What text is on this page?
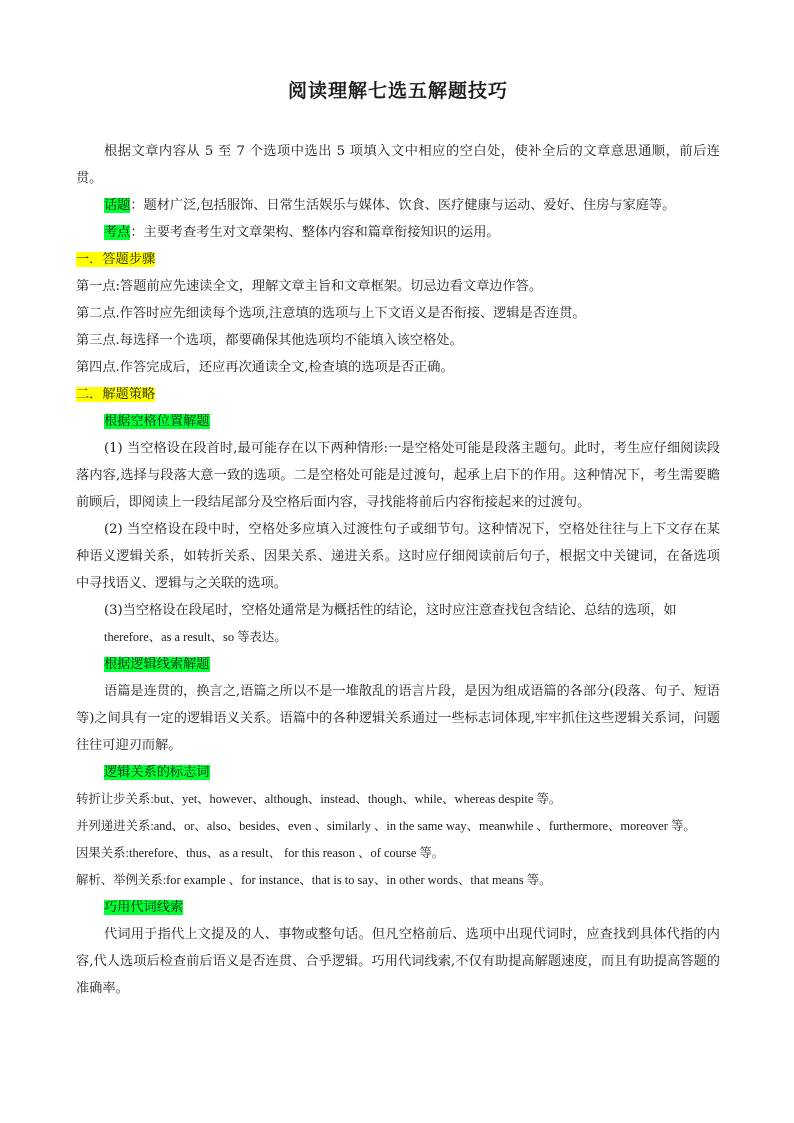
阅读理解七选五解题技巧

根据文章内容从 5 至 7 个选项中选出 5 项填入文中相应的空白处，使补全后的文章意思通顺，前后连贯。

话题：题材广泛,包括服饰、日常生活娱乐与媒体、饮食、医疗健康与运动、爱好、住房与家庭等。

考点：主要考查考生对文章架构、整体内容和篇章衔接知识的运用。

一．答题步骤

第一点:答题前应先速读全文，理解文章主旨和文章框架。切忌边看文章边作答。

第二点.作答时应先细读每个选项,注意填的选项与上下文语义是否衔接、逻辑是否连贯。

第三点.每选择一个选项，都要确保其他选项均不能填入该空格处。

第四点.作答完成后，还应再次通读全文,检查填的选项是否正确。

二．解题策略

根据空格位置解题

(1) 当空格设在段首时,最可能存在以下两种情形:一是空格处可能是段落主题句。此时，考生应仔细阅读段落内容,选择与段落大意一致的选项。二是空格处可能是过渡句，起承上启下的作用。这种情况下，考生需要瞻前顾后，即阅读上一段结尾部分及空格后面内容，寻找能将前后内容衔接起来的过渡句。

(2) 当空格设在段中时，空格处多应填入过渡性句子或细节句。这种情况下，空格处往往与上下文存在某种语义逻辑关系，如转折关系、因果关系、递进关系。这时应仔细阅读前后句子，根据文中关键词，在备选项中寻找语义、逻辑与之关联的选项。

(3)当空格设在段尾时，空格处通常是为概括性的结论，这时应注意查找包含结论、总结的选项，如

therefore、as a result、so 等表达。

根据逻辑线索解题

语篇是连贯的，换言之,语篇之所以不是一堆散乱的语言片段，是因为组成语篇的各部分(段落、句子、短语等)之间具有一定的逻辑语义关系。语篇中的各种逻辑关系通过一些标志词体现,牢牢抓住这些逻辑关系词，问题往往可迎刃而解。

逻辑关系的标志词

转折让步关系:but、yet、however、although、instead、though、while、whereas despite 等。

并列递进关系:and、or、also、besides、even 、similarly 、in the same way、meanwhile 、furthermore、moreover 等。

因果关系:therefore、thus、as a result、 for this reason 、of course 等。

解析、举例关系:for example 、for instance、that is to say、in other words、that means 等。

巧用代词线索

代词用于指代上文提及的人、事物或整句话。但凡空格前后、选项中出现代词时，应查找到具体代指的内容,代人选项后检查前后语义是否连贯、合乎逻辑。巧用代词线索,不仅有助提高解题速度，而且有助提高答题的准确率。
